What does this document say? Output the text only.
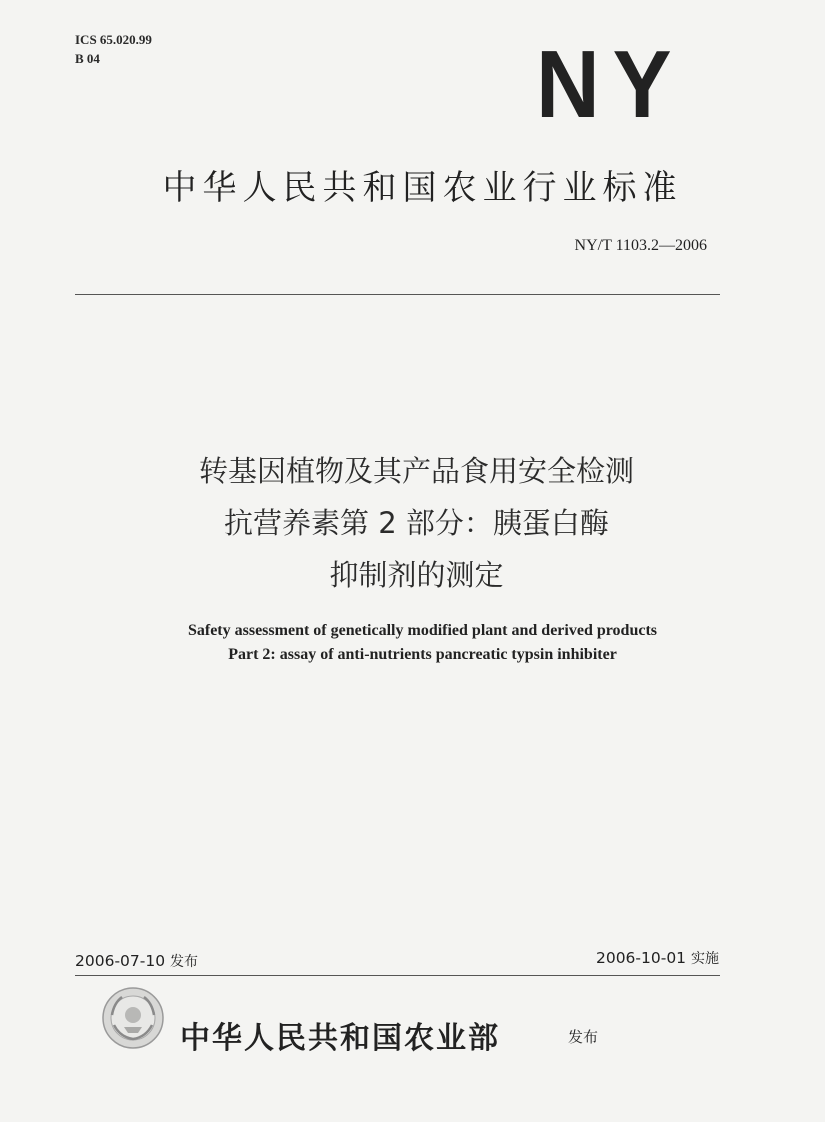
ICS 65.020.99
B 04	NY
中华人民共和国农业行业标准
NY/T 1103.2—2006
转基因植物及其产品食用安全检测
抗营养素第 2 部分：胰蛋白酶
抑制剂的测定
Safety assessment of genetically modified plant and derived products
Part 2: assay of anti-nutrients pancreatic typsin inhibiter
2006-07-10 发布	2006-10-01 实施
中华人民共和国农业部	发布
